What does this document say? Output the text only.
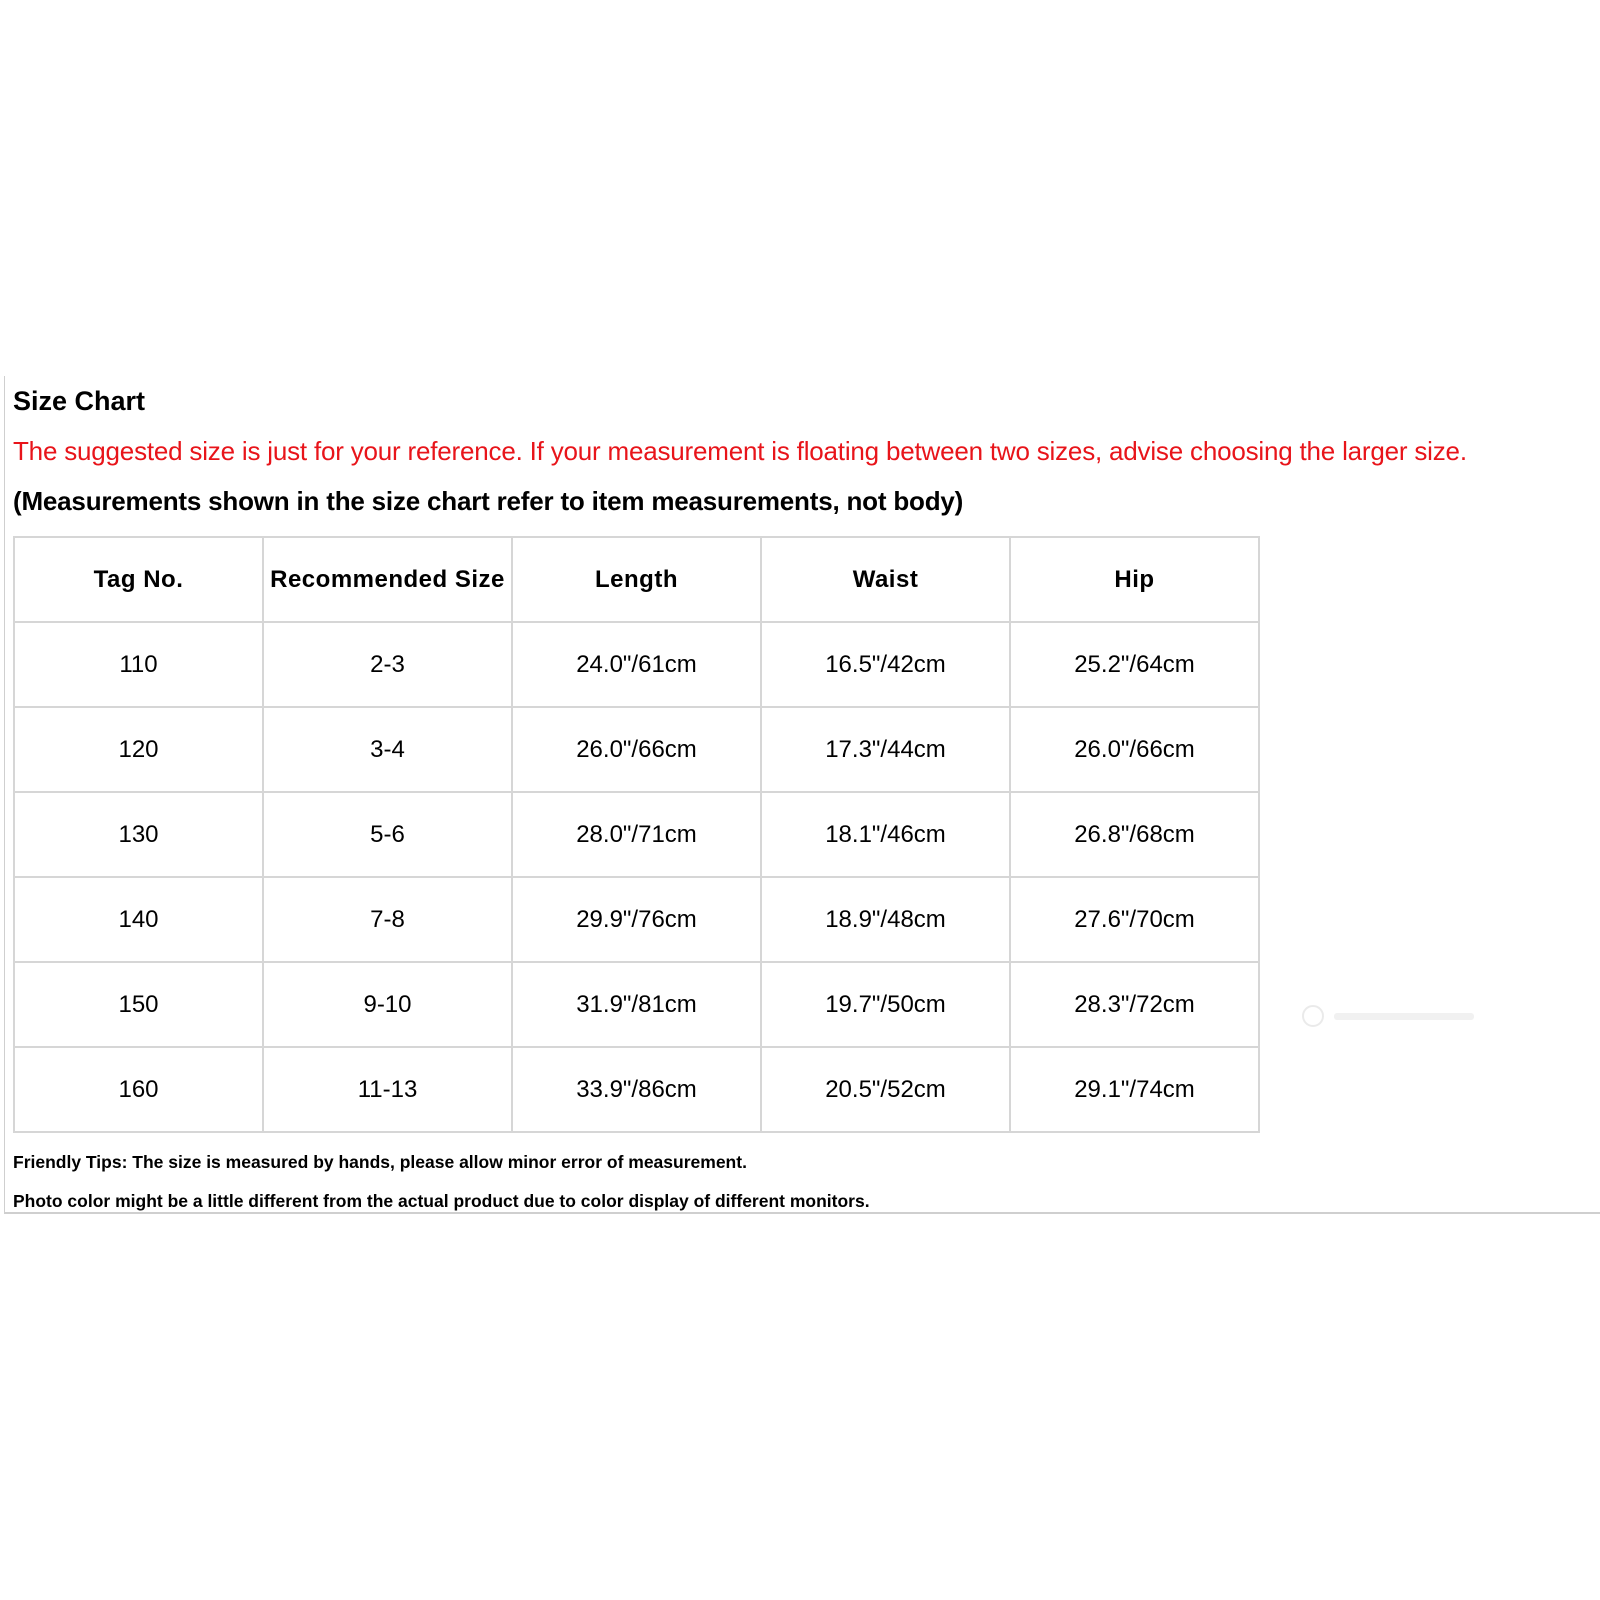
Size Chart
The suggested size is just for your reference. If your measurement is floating between two sizes, advise choosing the larger size.
(Measurements shown in the size chart refer to item measurements, not body)
Tag No.	Recommended Size	Length	Waist	Hip
110	2-3	24.0"/61cm	16.5"/42cm	25.2"/64cm
120	3-4	26.0"/66cm	17.3"/44cm	26.0"/66cm
130	5-6	28.0"/71cm	18.1"/46cm	26.8"/68cm
140	7-8	29.9"/76cm	18.9"/48cm	27.6"/70cm
150	9-10	31.9"/81cm	19.7"/50cm	28.3"/72cm
160	11-13	33.9"/86cm	20.5"/52cm	29.1"/74cm
Friendly Tips: The size is measured by hands, please allow minor error of measurement.
Photo color might be a little different from the actual product due to color display of different monitors.
